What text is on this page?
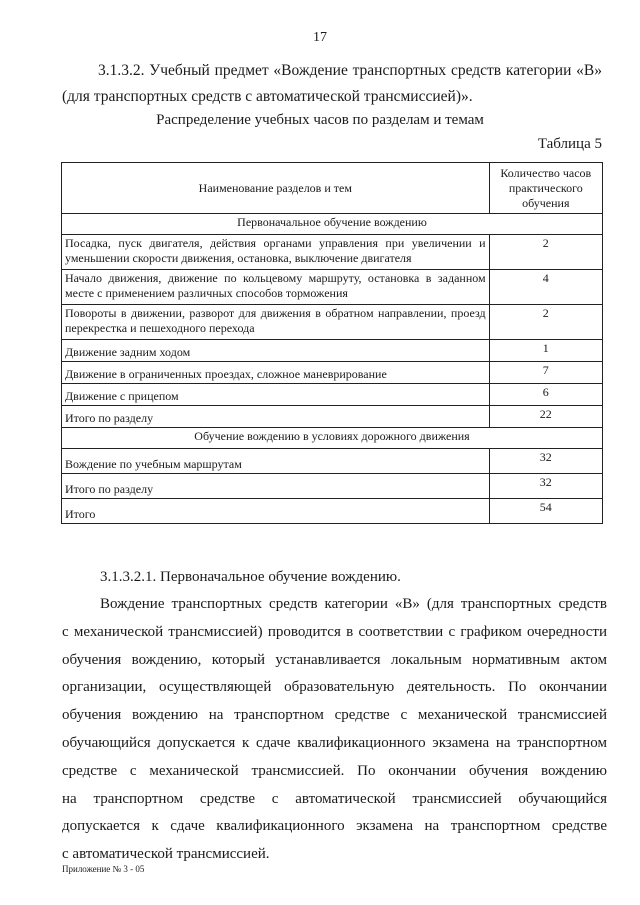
17
3.1.3.2. Учебный предмет «Вождение транспортных средств категории «B»
(для транспортных средств с автоматической трансмиссией)».
Распределение учебных часов по разделам и темам
Таблица 5
Наименование разделов и тем	Количество часов практического обучения
Первоначальное обучение вождению	
Посадка, пуск двигателя, действия органами управления при увеличении и уменьшении скорости движения, остановка, выключение двигателя	2
Начало движения, движение по кольцевому маршруту, остановка в заданном месте с применением различных способов торможения	4
Повороты в движении, разворот для движения в обратном направлении, проезд перекрестка и пешеходного перехода	2
Движение задним ходом	1
Движение в ограниченных проездах, сложное маневрирование	7
Движение с прицепом	6
Итого по разделу	22
Обучение вождению в условиях дорожного движения	
Вождение по учебным маршрутам	32
Итого по разделу	32
Итого	54
3.1.3.2.1. Первоначальное обучение вождению.
Вождение транспортных средств категории «B» (для транспортных средств
с механической трансмиссией) проводится в соответствии с графиком очередности
обучения вождению, который устанавливается локальным нормативным актом
организации, осуществляющей образовательную деятельность. По окончании
обучения вождению на транспортном средстве с механической трансмиссией
обучающийся допускается к сдаче квалификационного экзамена на транспортном
средстве с механической трансмиссией. По окончании обучения вождению
на транспортном средстве с автоматической трансмиссией обучающийся
допускается к сдаче квалификационного экзамена на транспортном средстве
с автоматической трансмиссией.
Приложение № 3 - 05
